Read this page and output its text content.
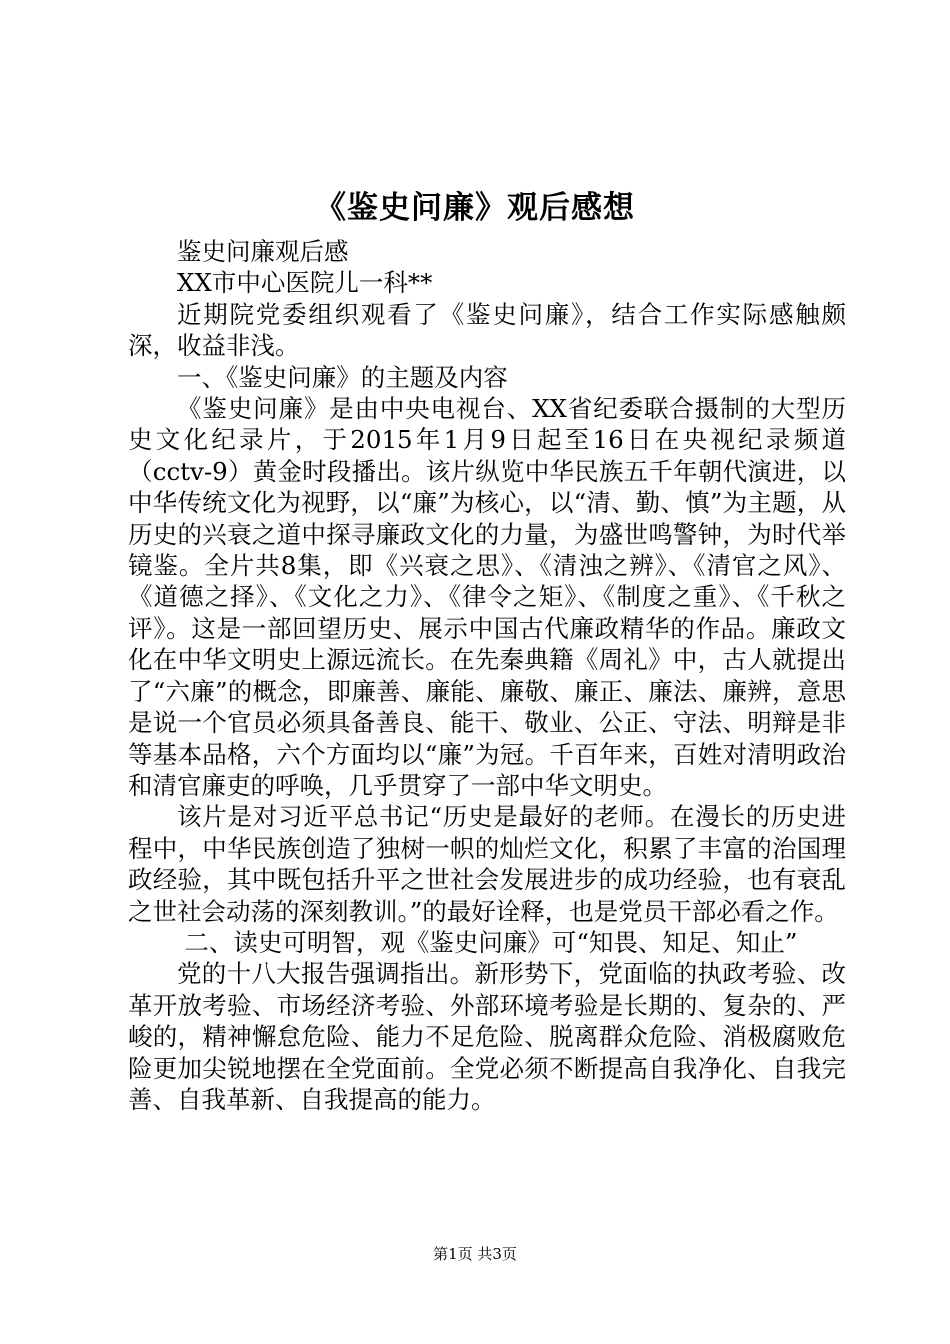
《鉴史问廉》观后感想

鉴史问廉观后感

XX市中心医院儿一科**

近期院党委组织观看了《鉴史问廉》，结合工作实际感触颇深，收益非浅。

一、《鉴史问廉》的主题及内容

《鉴史问廉》是由中央电视台、XX省纪委联合摄制的大型历史文化纪录片，于2015年1月9日起至16日在央视纪录频道（cctv-9）黄金时段播出。该片纵览中华民族五千年朝代演进，以中华传统文化为视野，以“廉”为核心，以“清、勤、慎”为主题，从历史的兴衰之道中探寻廉政文化的力量，为盛世鸣警钟，为时代举镜鉴。全片共8集，即《兴衰之思》、《清浊之辨》、《清官之风》、《道德之择》、《文化之力》、《律令之矩》、《制度之重》、《千秋之评》。这是一部回望历史、展示中国古代廉政精华的作品。廉政文化在中华文明史上源远流长。在先秦典籍《周礼》中，古人就提出了“六廉”的概念，即廉善、廉能、廉敬、廉正、廉法、廉辨，意思是说一个官员必须具备善良、能干、敬业、公正、守法、明辩是非等基本品格，六个方面均以“廉”为冠。千百年来，百姓对清明政治和清官廉吏的呼唤，几乎贯穿了一部中华文明史。

该片是对习近平总书记“历史是最好的老师。在漫长的历史进程中，中华民族创造了独树一帜的灿烂文化，积累了丰富的治国理政经验，其中既包括升平之世社会发展进步的成功经验，也有衰乱之世社会动荡的深刻教训。”的最好诠释，也是党员干部必看之作。

二、读史可明智，观《鉴史问廉》可“知畏、知足、知止”

党的十八大报告强调指出。新形势下，党面临的执政考验、改革开放考验、市场经济考验、外部环境考验是长期的、复杂的、严峻的，精神懈怠危险、能力不足危险、脱离群众危险、消极腐败危险更加尖锐地摆在全党面前。全党必须不断提高自我净化、自我完善、自我革新、自我提高的能力。

第1页 共3页
